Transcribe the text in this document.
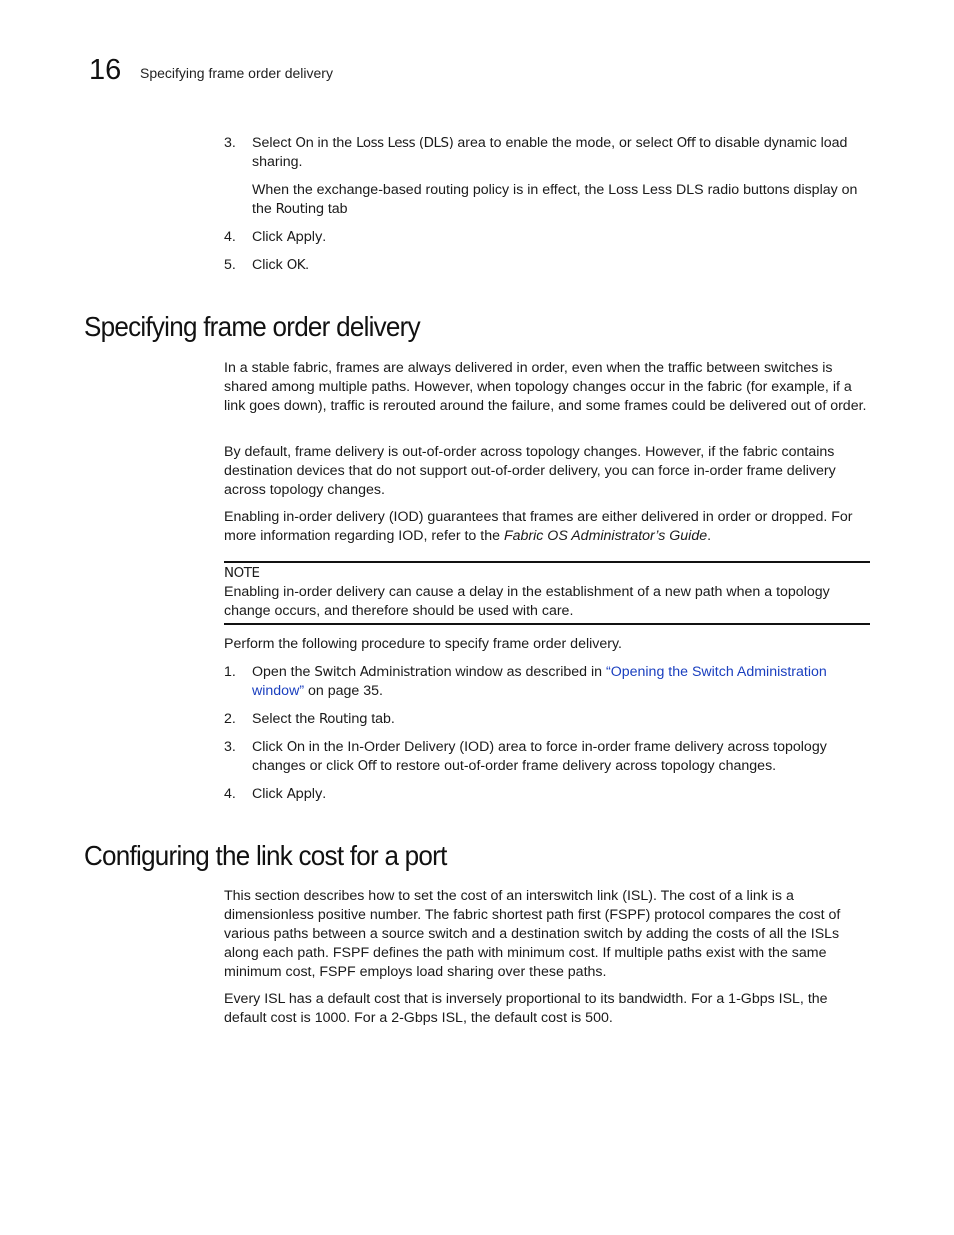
16 Specifying frame order delivery
3.	Select On in the Loss Less (DLS) area to enable the mode, or select Off to disable dynamic load sharing.

When the exchange-based routing policy is in effect, the Loss Less DLS radio buttons display on the Routing tab

4.	Click Apply.

5.	Click OK.

Specifying frame order delivery

In a stable fabric, frames are always delivered in order, even when the traffic between switches is shared among multiple paths. However, when topology changes occur in the fabric (for example, if a link goes down), traffic is rerouted around the failure, and some frames could be delivered out of order.

By default, frame delivery is out-of-order across topology changes. However, if the fabric contains destination devices that do not support out-of-order delivery, you can force in-order frame delivery across topology changes.

Enabling in-order delivery (IOD) guarantees that frames are either delivered in order or dropped. For more information regarding IOD, refer to the Fabric OS Administrator’s Guide.

NOTE

Enabling in-order delivery can cause a delay in the establishment of a new path when a topology change occurs, and therefore should be used with care.

Perform the following procedure to specify frame order delivery.

1.	Open the Switch Administration window as described in “Opening the Switch Administration window” on page 35.

2.	Select the Routing tab.

3.	Click On in the In-Order Delivery (IOD) area to force in-order frame delivery across topology changes or click Off to restore out-of-order frame delivery across topology changes.

4.	Click Apply.

Configuring the link cost for a port

This section describes how to set the cost of an interswitch link (ISL). The cost of a link is a dimensionless positive number. The fabric shortest path first (FSPF) protocol compares the cost of various paths between a source switch and a destination switch by adding the costs of all the ISLs along each path. FSPF defines the path with minimum cost. If multiple paths exist with the same minimum cost, FSPF employs load sharing over these paths.

Every ISL has a default cost that is inversely proportional to its bandwidth. For a 1-Gbps ISL, the default cost is 1000. For a 2-Gbps ISL, the default cost is 500.
